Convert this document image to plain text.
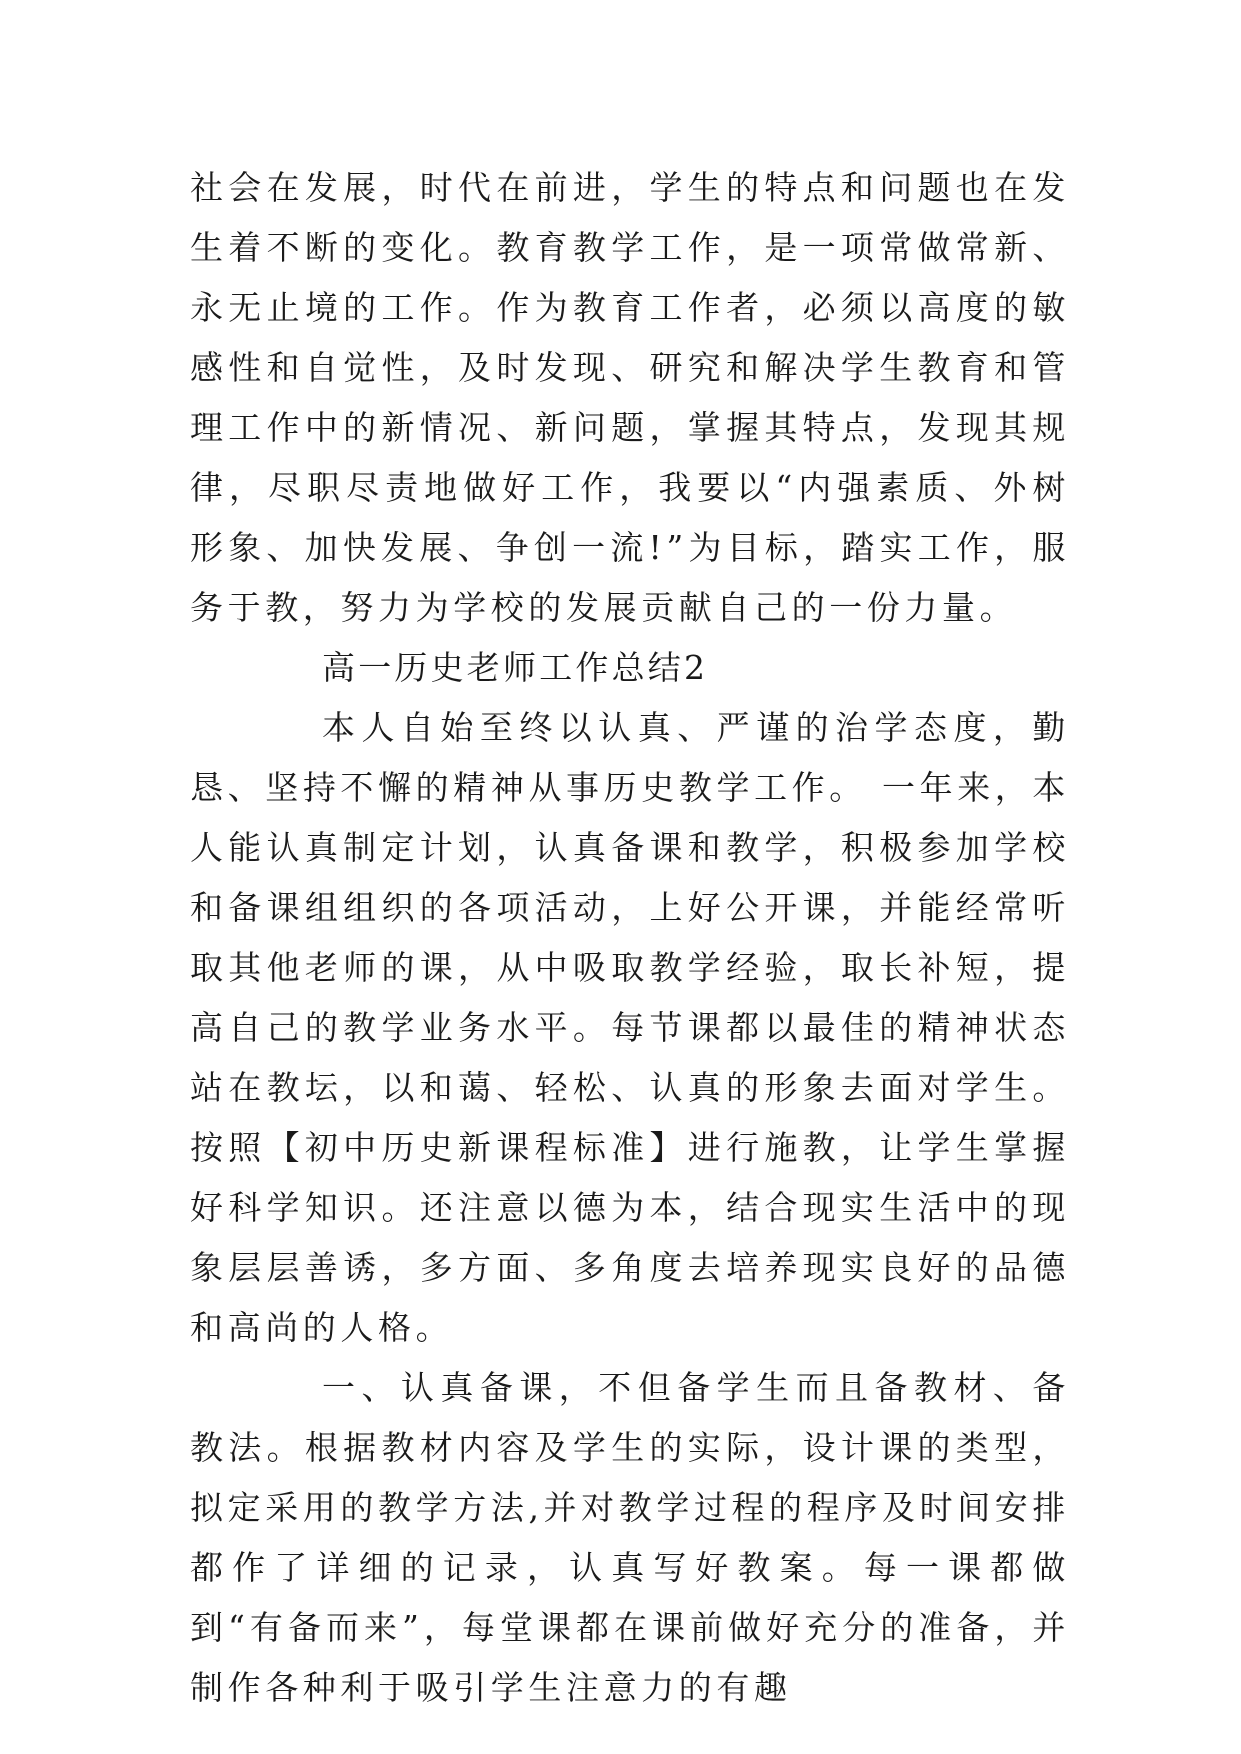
社会在发展，时代在前进，学生的特点和问题也在发生着不断的变化。教育教学工作，是一项常做常新、永无止境的工作。作为教育工作者，必须以高度的敏感性和自觉性，及时发现、研究和解决学生教育和管理工作中的新情况、新问题，掌握其特点，发现其规律，尽职尽责地做好工作，我要以“内强素质、外树形象、加快发展、争创一流!”为目标，踏实工作，服务于教，努力为学校的发展贡献自己的一份力量。

高一历史老师工作总结2

本人自始至终以认真、严谨的治学态度，勤恳、坚持不懈的精神从事历史教学工作。 一年来，本人能认真制定计划，认真备课和教学，积极参加学校和备课组组织的各项活动，上好公开课，并能经常听取其他老师的课，从中吸取教学经验，取长补短，提高自己的教学业务水平。每节课都以最佳的精神状态站在教坛，以和蔼、轻松、认真的形象去面对学生。按照【初中历史新课程标准】进行施教，让学生掌握好科学知识。还注意以德为本，结合现实生活中的现象层层善诱，多方面、多角度去培养现实良好的品德和高尚的人格。

一、认真备课，不但备学生而且备教材、备教法。根据教材内容及学生的实际，设计课的类型，拟定采用的教学方法,并对教学过程的程序及时间安排都作了详细的记录，认真写好教案。每一课都做到“有备而来”，每堂课都在课前做好充分的准备，并制作各种利于吸引学生注意力的有趣
